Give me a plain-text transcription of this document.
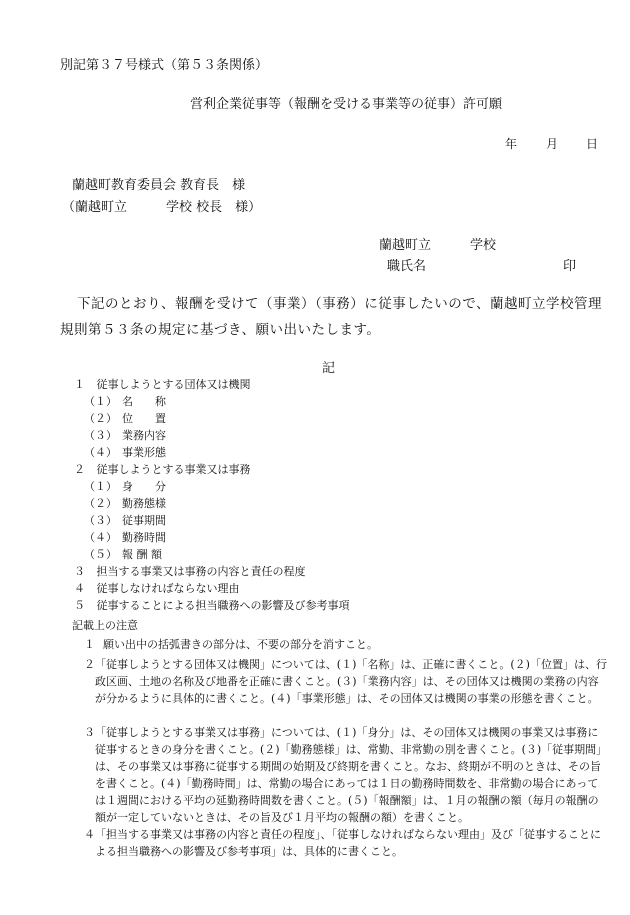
別記第３７号様式（第５３条関係）
営利企業従事等（報酬を受ける事業等の従事）許可願
年 月 日
蘭越町教育委員会 教育長　様
（蘭越町立　　　学校 校長　様）
蘭越町立	学校
職氏名	印
下記のとおり、報酬を受けて（事業）（事務）に従事したいので、蘭越町立学校管理規則第５３条の規定に基づき、願い出いたします。
記
１ 従事しようとする団体又は機関
（１） 名　　称
（２） 位　　置
（３） 業務内容
（４） 事業形態
２ 従事しようとする事業又は事務
（１） 身　　分
（２） 勤務態様
（３） 従事期間
（４） 勤務時間
（５） 報 酬 額
３ 担当する事業又は事務の内容と責任の程度
４ 従事しなければならない理由
５ 従事することによる担当職務への影響及び参考事項
記載上の注意
１ 願い出中の括弧書きの部分は、不要の部分を消すこと。
２ 「従事しようとする団体又は機関」については、(１)「名称」は、正確に書くこと。(２)「位置」は、行政区画、土地の名称及び地番を正確に書くこと。(３)「業務内容」は、その団体又は機関の業務の内容が分かるように具体的に書くこと。(４)「事業形態」は、その団体又は機関の事業の形態を書くこと。
３ 「従事しようとする事業又は事務」については、(１)「身分」は、その団体又は機関の事業又は事務に従事するときの身分を書くこと。(２)「勤務態様」は、常勤、非常勤の別を書くこと。(３)「従事期間」は、その事業又は事務に従事する期間の始期及び終期を書くこと。なお、終期が不明のときは、その旨を書くこと。(４)「勤務時間」は、常勤の場合にあっては１日の勤務時間数を、非常勤の場合にあっては１週間における平均の延勤務時間数を書くこと。(５)「報酬額」は、１月の報酬の額（毎月の報酬の額が一定していないときは、その旨及び１月平均の報酬の額）を書くこと。
４ 「担当する事業又は事務の内容と責任の程度」、「従事しなければならない理由」及び「従事することによる担当職務への影響及び参考事項」は、具体的に書くこと。
